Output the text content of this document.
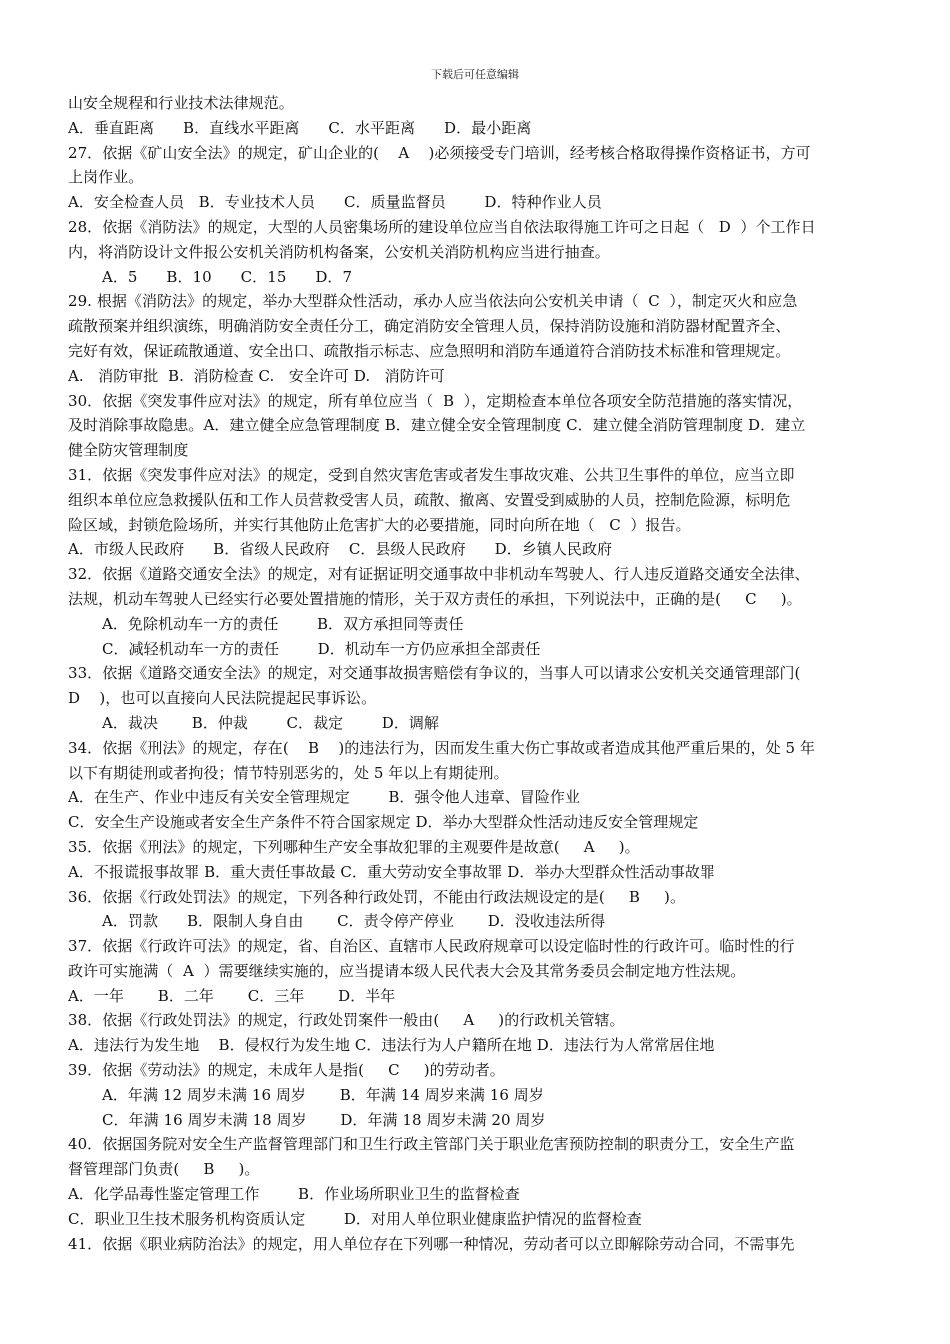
下载后可任意编辑
山安全规程和行业技术法律规范。
A．垂直距离      B．直线水平距离      C．水平距离      D．最小距离
27．依据《矿山安全法》的规定，矿山企业的(    A    )必须接受专门培训，经考核合格取得操作资格证书，方可
上岗作业。
A．安全检查人员   B．专业技术人员      C．质量监督员        D．特种作业人员
28．依据《消防法》的规定，大型的人员密集场所的建设单位应当自依法取得施工许可之日起（   D  ）个工作日
内，将消防设计文件报公安机关消防机构备案，公安机关消防机构应当进行抽查。
A．5      B．10      C．15      D．7
29. 根据《消防法》的规定，举办大型群众性活动，承办人应当依法向公安机关申请（  C  ），制定灭火和应急
疏散预案并组织演练，明确消防安全责任分工，确定消防安全管理人员，保持消防设施和消防器材配置齐全、
完好有效，保证疏散通道、安全出口、疏散指示标志、应急照明和消防车通道符合消防技术标准和管理规定。
A.   消防审批  B.  消防检查 C.   安全许可 D.   消防许可
30．依据《突发事件应对法》的规定，所有单位应当（  B  ），定期检查本单位各项安全防范措施的落实情况，
及时消除事故隐患。A．建立健全应急管理制度 B．建立健全安全管理制度 C．建立健全消防管理制度 D．建立
健全防灾管理制度
31．依据《突发事件应对法》的规定，受到自然灾害危害或者发生事故灾难、公共卫生事件的单位，应当立即
组织本单位应急救援队伍和工作人员营救受害人员，疏散、撤离、安置受到威胁的人员，控制危险源，标明危
险区域，封锁危险场所，并实行其他防止危害扩大的必要措施，同时向所在地（   C  ）报告。
A．市级人民政府      B．省级人民政府    C．县级人民政府      D．乡镇人民政府
32．依据《道路交通安全法》的规定，对有证据证明交通事故中非机动车驾驶人、行人违反道路交通安全法律、
法规，机动车驾驶人已经实行必要处置措施的情形，关于双方责任的承担，下列说法中，正确的是(     C     )。
A．免除机动车一方的责任        B．双方承担同等责任
C．减轻机动车一方的责任        D．机动车一方仍应承担全部责任
33．依据《道路交通安全法》的规定，对交通事故损害赔偿有争议的，当事人可以请求公安机关交通管理部门(
D    )，也可以直接向人民法院提起民事诉讼。
A．裁决       B．仲裁        C．裁定        D．调解
34．依据《刑法》的规定，存在(    B    )的违法行为，因而发生重大伤亡事故或者造成其他严重后果的，处 5 年
以下有期徒刑或者拘役；情节特别恶劣的，处 5 年以上有期徒刑。
A．在生产、作业中违反有关安全管理规定        B．强令他人违章、冒险作业
C．安全生产设施或者安全生产条件不符合国家规定 D．举办大型群众性活动违反安全管理规定
35．依据《刑法》的规定，下列哪种生产安全事故犯罪的主观要件是故意(     A     )。
A．不报谎报事故罪 B．重大责任事故最 C．重大劳动安全事故罪 D．举办大型群众性活动事故罪
36．依据《行政处罚法》的规定，下列各种行政处罚，不能由行政法规设定的是(     B     )。
A．罚款      B．限制人身自由       C．责令停产停业       D．没收违法所得
37．依据《行政许可法》的规定，省、自治区、直辖市人民政府规章可以设定临时性的行政许可。临时性的行
政许可实施满（  A  ）需要继续实施的，应当提请本级人民代表大会及其常务委员会制定地方性法规。
A．一年       B．二年       C．三年       D．半年
38．依据《行政处罚法》的规定，行政处罚案件一般由(     A     )的行政机关管辖。
A．违法行为发生地    B．侵权行为发生地 C．违法行为人户籍所在地 D．违法行为人常常居住地
39．依据《劳动法》的规定，未成年人是指(     C     )的劳动者。
A．年满 12 周岁未满 16 周岁       B．年满 14 周岁来满 16 周岁
C．年满 16 周岁未满 18 周岁       D．年满 18 周岁未满 20 周岁
40．依据国务院对安全生产监督管理部门和卫生行政主管部门关于职业危害预防控制的职责分工，安全生产监
督管理部门负责(     B     )。
A．化学品毒性鉴定管理工作        B．作业场所职业卫生的监督检查
C．职业卫生技术服务机构资质认定        D．对用人单位职业健康监护情况的监督检查
41．依据《职业病防治法》的规定，用人单位存在下列哪一种情况，劳动者可以立即解除劳动合同，不需事先
